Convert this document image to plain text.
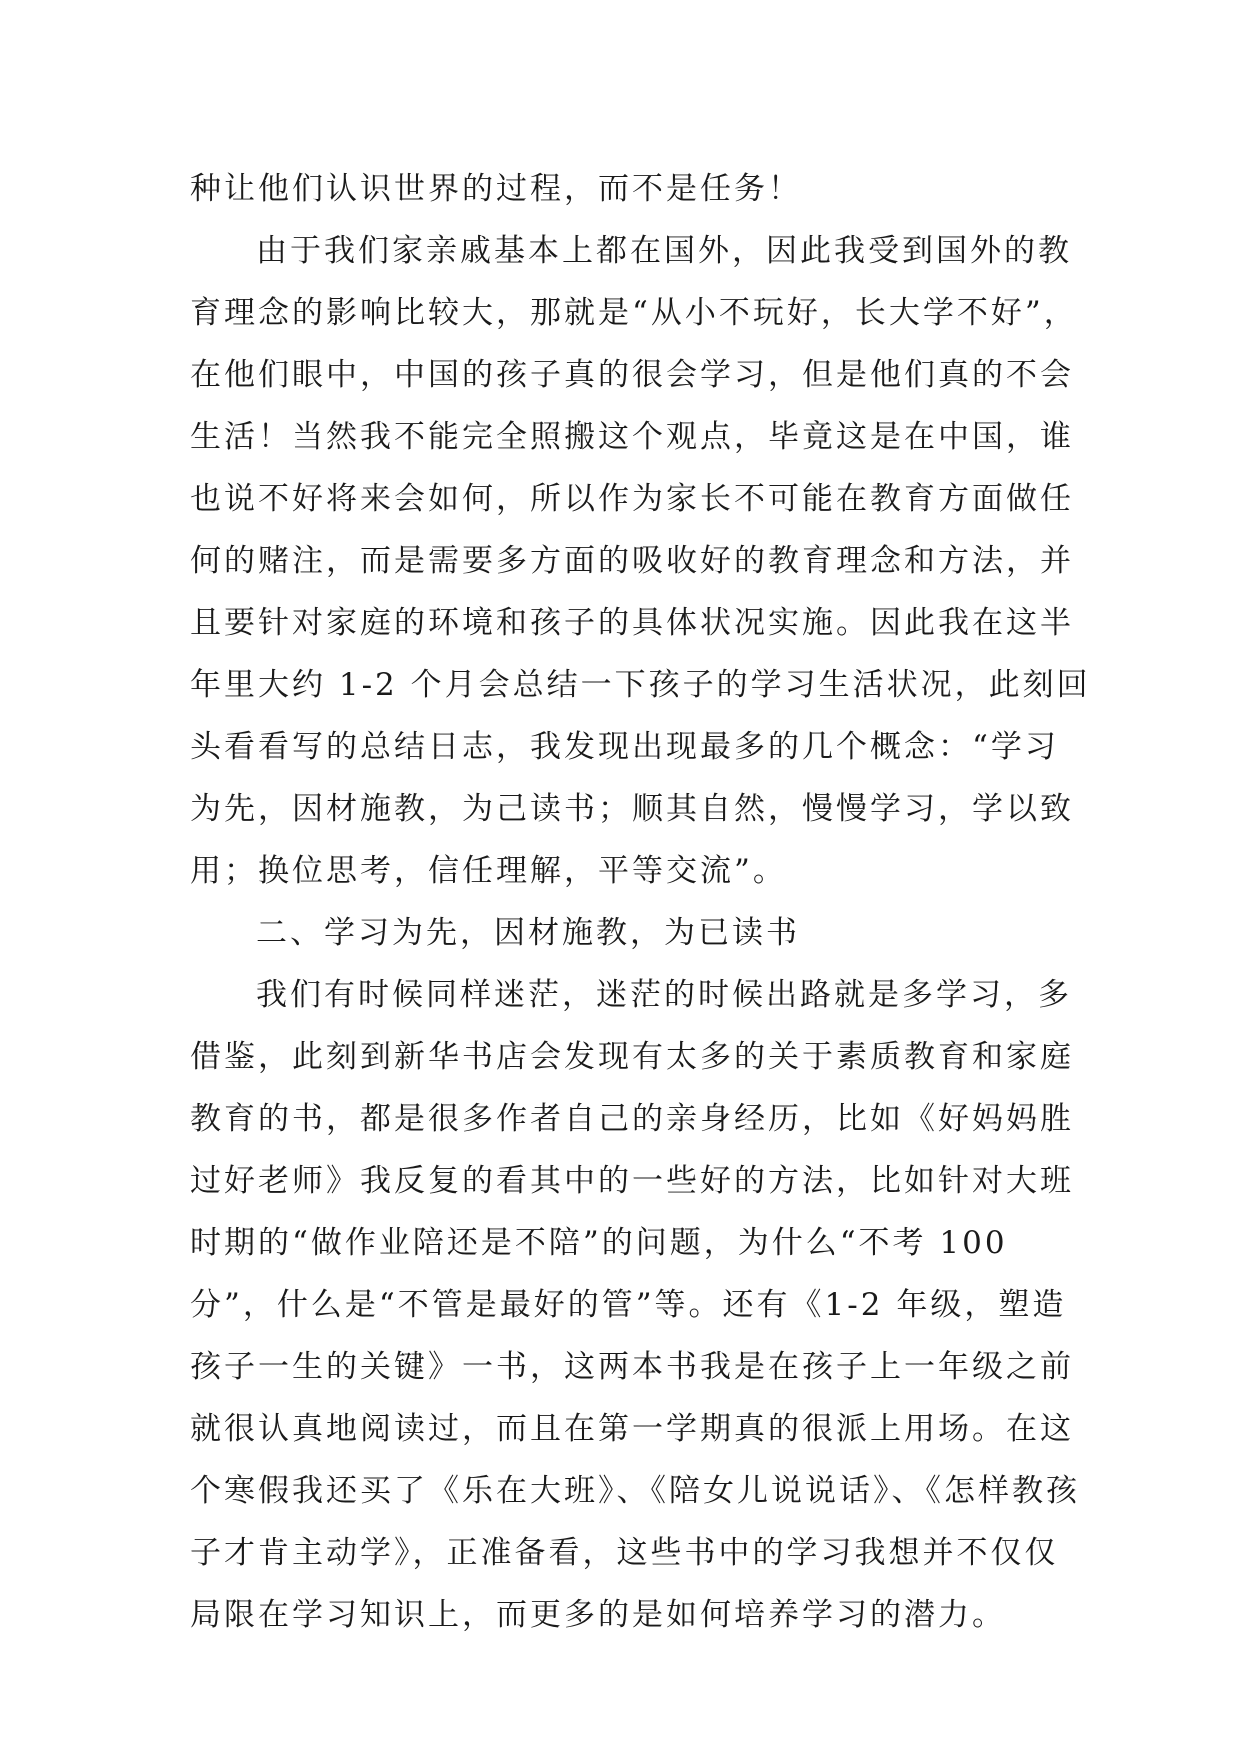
种让他们认识世界的过程，而不是任务！
由于我们家亲戚基本上都在国外，因此我受到国外的教
育理念的影响比较大，那就是“从小不玩好，长大学不好”，
在他们眼中，中国的孩子真的很会学习，但是他们真的不会
生活！当然我不能完全照搬这个观点，毕竟这是在中国，谁
也说不好将来会如何，所以作为家长不可能在教育方面做任
何的赌注，而是需要多方面的吸收好的教育理念和方法，并
且要针对家庭的环境和孩子的具体状况实施。因此我在这半
年里大约 1-2 个月会总结一下孩子的学习生活状况，此刻回
头看看写的总结日志，我发现出现最多的几个概念：“学习
为先，因材施教，为己读书；顺其自然，慢慢学习，学以致
用；换位思考，信任理解，平等交流”。
二、学习为先，因材施教，为已读书
我们有时候同样迷茫，迷茫的时候出路就是多学习，多
借鉴，此刻到新华书店会发现有太多的关于素质教育和家庭
教育的书，都是很多作者自己的亲身经历，比如《好妈妈胜
过好老师》我反复的看其中的一些好的方法，比如针对大班
时期的“做作业陪还是不陪”的问题，为什么“不考 100
分”，什么是“不管是最好的管”等。还有《1-2 年级，塑造
孩子一生的关键》一书，这两本书我是在孩子上一年级之前
就很认真地阅读过，而且在第一学期真的很派上用场。在这
个寒假我还买了《乐在大班》、《陪女儿说说话》、《怎样教孩
子才肯主动学》，正准备看，这些书中的学习我想并不仅仅
局限在学习知识上，而更多的是如何培养学习的潜力。
